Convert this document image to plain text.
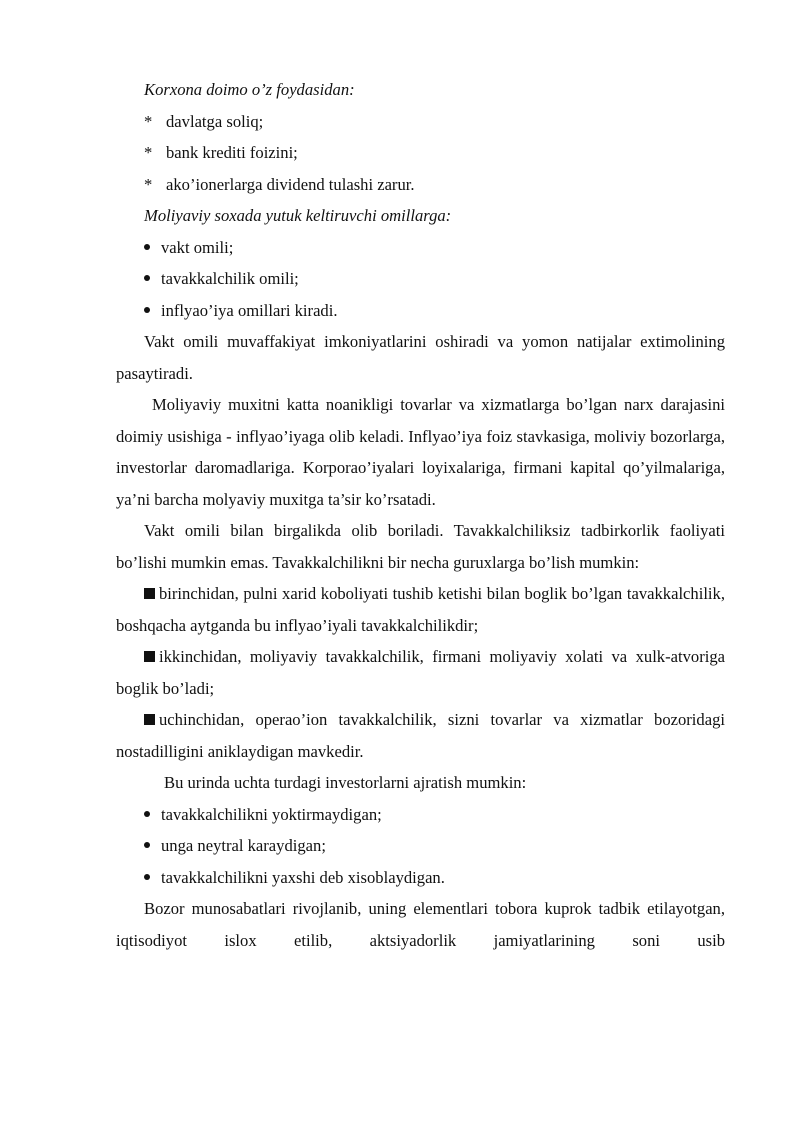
Korxona doimo o’z foydasidan:

* davlatga soliq;

* bank krediti foizini;

* ako’ionerlarga dividend tulashi zarur.

Moliyaviy soxada yutuk keltiruvchi omillarga:

vakt omili;

tavakkalchilik omili;

inflyao’iya omillari kiradi.

Vakt omili muvaffakiyat imkoniyatlarini oshiradi va yomon natijalar extimolining pasaytiradi.

Moliyaviy muxitni katta noanikligi tovarlar va xizmatlarga bo’lgan narx darajasini doimiy usishiga - inflyao’iyaga olib keladi. Inflyao’iya foiz stavkasiga, moliviy bozorlarga, investorlar daromadlariga. Korporao’iyalari loyixalariga, firmani kapital qo’yilmalariga, ya’ni barcha molyaviy muxitga ta’sir ko’rsatadi.

Vakt omili bilan birgalikda olib boriladi. Tavakkalchiliksiz tadbirkorlik faoliyati bo’lishi mumkin emas. Tavakkalchilikni bir necha guruxlarga bo’lish mumkin:

birinchidan, pulni xarid koboliyati tushib ketishi bilan boglik bo’lgan tavakkalchilik, boshqacha aytganda bu inflyao’iyali tavakkalchilikdir;

ikkinchidan, moliyaviy tavakkalchilik, firmani moliyaviy xolati va xulk-atvoriga boglik bo’ladi;

uchinchidan, operao’ion tavakkalchilik, sizni tovarlar va xizmatlar bozoridagi nostadilligini aniklaydigan mavkedir.

Bu urinda uchta turdagi investorlarni ajratish mumkin:

tavakkalchilikni yoktirmaydigan;

unga neytral karaydigan;

tavakkalchilikni yaxshi deb xisoblaydigan.

Bozor munosabatlari rivojlanib, uning elementlari tobora kuprok tadbik etilayotgan, iqtisodiyot islox etilib, aktsiyadorlik jamiyatlarining soni usib
